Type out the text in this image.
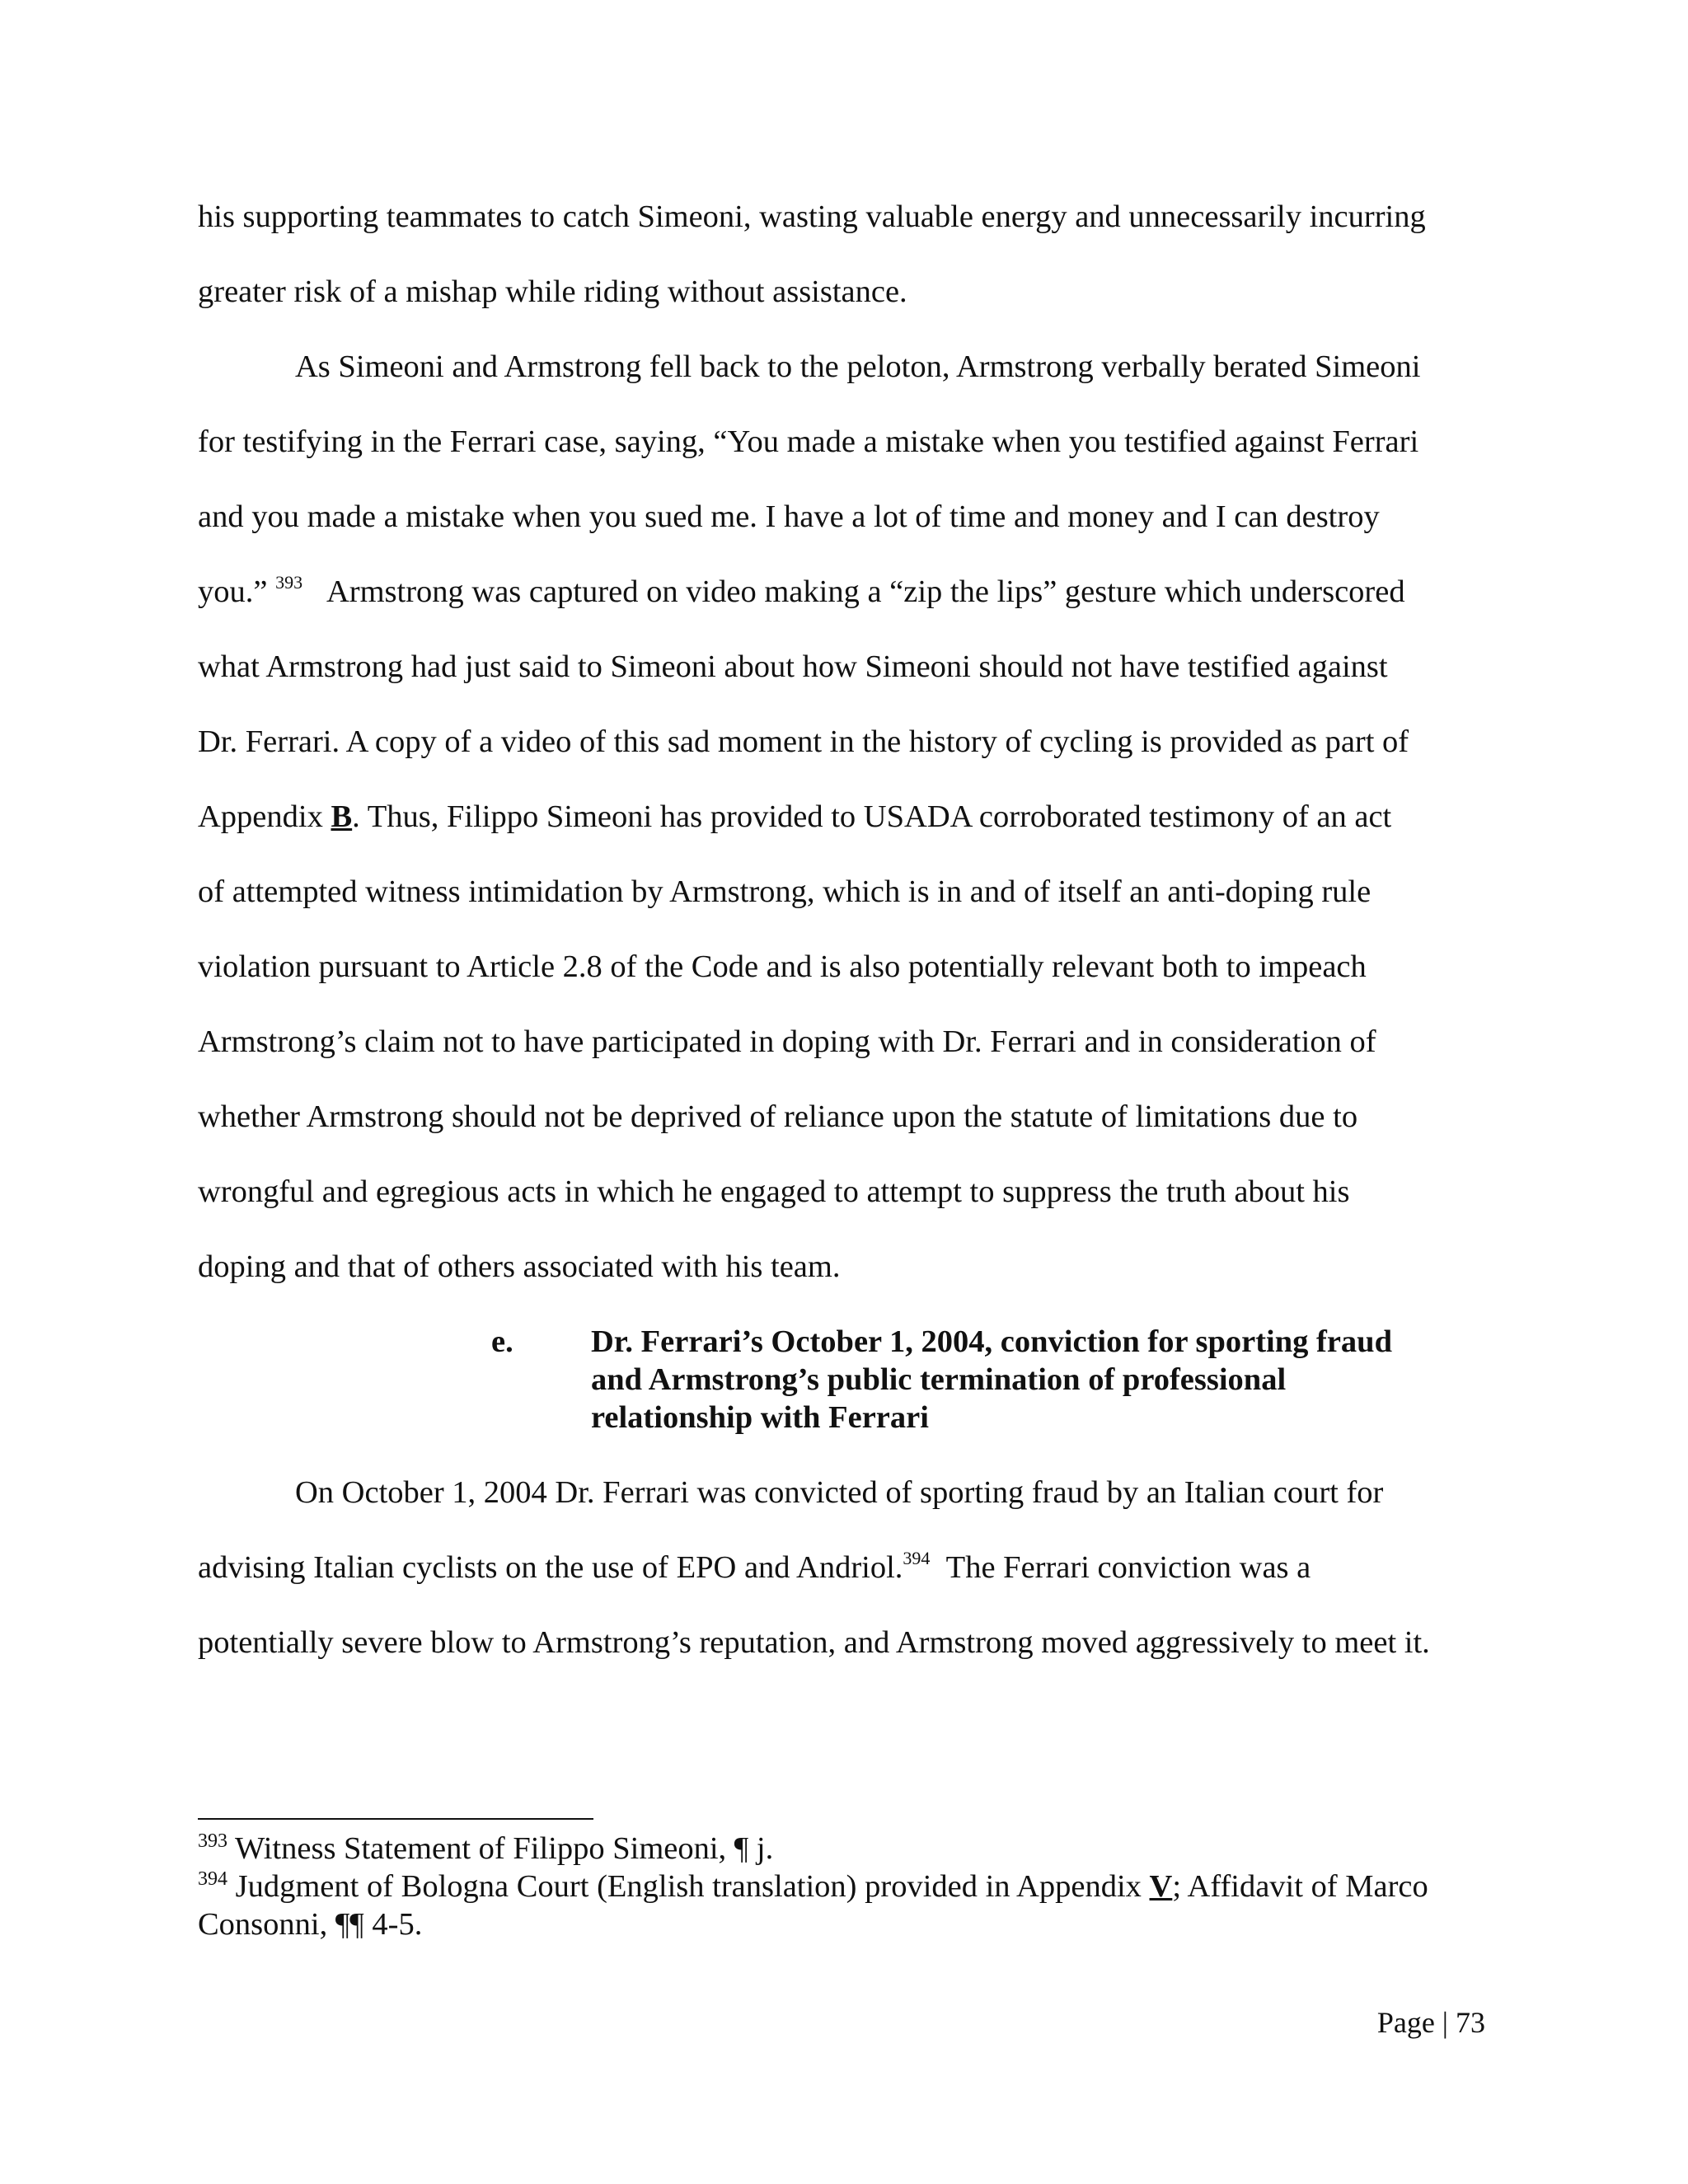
his supporting teammates to catch Simeoni, wasting valuable energy and unnecessarily incurring
greater risk of a mishap while riding without assistance.
As Simeoni and Armstrong fell back to the peloton, Armstrong verbally berated Simeoni
for testifying in the Ferrari case, saying, “You made a mistake when you testified against Ferrari
and you made a mistake when you sued me. I have a lot of time and money and I can destroy
you.” $^{393}$ Armstrong was captured on video making a “zip the lips” gesture which underscored
what Armstrong had just said to Simeoni about how Simeoni should not have testified against
Dr. Ferrari. A copy of a video of this sad moment in the history of cycling is provided as part of
Appendix B. Thus, Filippo Simeoni has provided to USADA corroborated testimony of an act
of attempted witness intimidation by Armstrong, which is in and of itself an anti-doping rule
violation pursuant to Article 2.8 of the Code and is also potentially relevant both to impeach
Armstrong’s claim not to have participated in doping with Dr. Ferrari and in consideration of
whether Armstrong should not be deprived of reliance upon the statute of limitations due to
wrongful and egregious acts in which he engaged to attempt to suppress the truth about his
doping and that of others associated with his team.
e. Dr. Ferrari’s October 1, 2004, conviction for sporting fraud
and Armstrong’s public termination of professional
relationship with Ferrari
On October 1, 2004 Dr. Ferrari was convicted of sporting fraud by an Italian court for
advising Italian cyclists on the use of EPO and Andriol.$^{394}$ The Ferrari conviction was a
potentially severe blow to Armstrong’s reputation, and Armstrong moved aggressively to meet it.
$^{393}$ Witness Statement of Filippo Simeoni, ¶ j.
$^{394}$ Judgment of Bologna Court (English translation) provided in Appendix V; Affidavit of Marco
Consonni, ¶¶ 4-5.
Page | 73
